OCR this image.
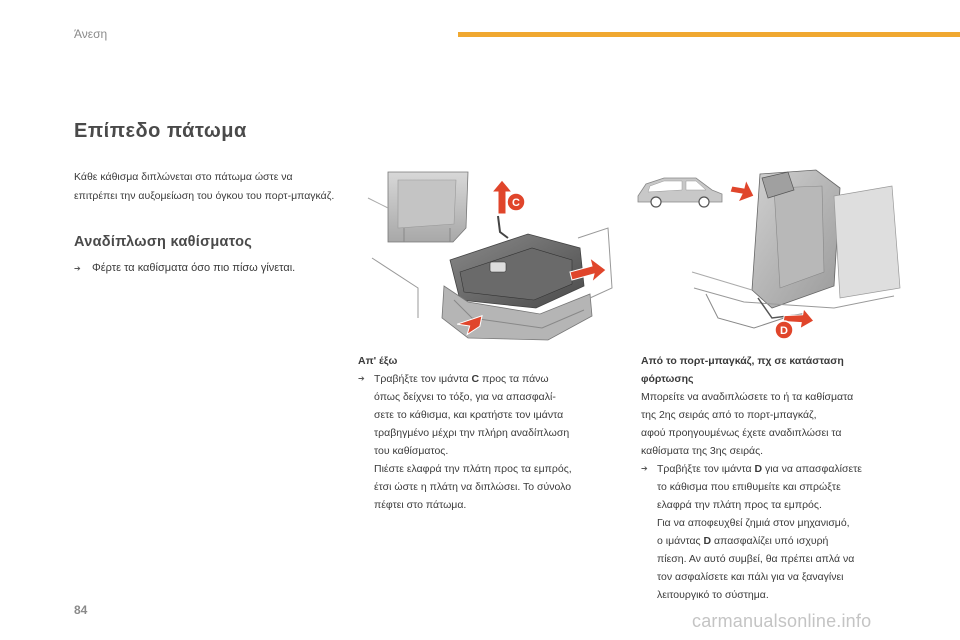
Άνεση
Επίπεδο πάτωμα

Κάθε κάθισμα διπλώνεται στο πάτωμα ώστε να
επιτρέπει την αυξομείωση του όγκου του πορτ-μπαγκάζ.

Αναδίπλωση καθίσματος
➔ Φέρτε τα καθίσματα όσο πιο πίσω γίνεται.
C
D
Απ' έξω
➔ Τραβήξτε τον ιμάντα C προς τα πάνω
όπως δείχνει το τόξο, για να απασφαλί-
σετε το κάθισμα, και κρατήστε τον ιμάντα
τραβηγμένο μέχρι την πλήρη αναδίπλωση
του καθίσματος.
Πιέστε ελαφρά την πλάτη προς τα εμπρός,
έτσι ώστε η πλάτη να διπλώσει. Το σύνολο
πέφτει στο πάτωμα.
Από το πορτ-μπαγκάζ, πχ σε κατάσταση
φόρτωσης
Μπορείτε να αναδιπλώσετε το ή τα καθίσματα
της 2ης σειράς από το πορτ-μπαγκάζ,
αφού προηγουμένως έχετε αναδιπλώσει τα
καθίσματα της 3ης σειράς.
➔ Τραβήξτε τον ιμάντα D για να απασφαλίσετε
το κάθισμα που επιθυμείτε και σπρώξτε
ελαφρά την πλάτη προς τα εμπρός.
Για να αποφευχθεί ζημιά στον μηχανισμό,
ο ιμάντας D απασφαλίζει υπό ισχυρή
πίεση. Αν αυτό συμβεί, θα πρέπει απλά να
τον ασφαλίσετε και πάλι για να ξαναγίνει
λειτουργικό το σύστημα.
84
carmanualsonline.info
